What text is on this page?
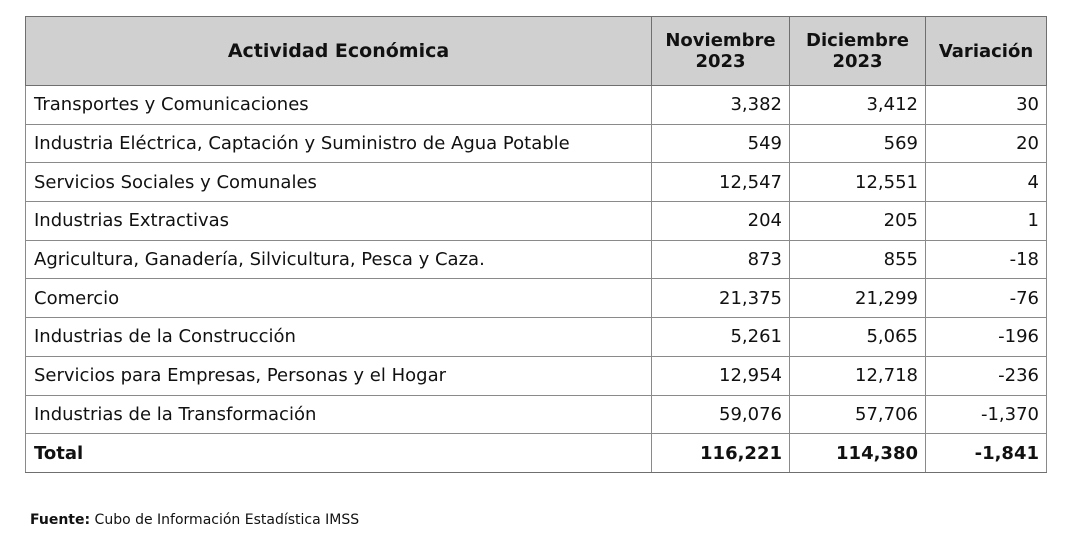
Actividad Económica	Noviembre 2023	Diciembre 2023	Variación
Transportes y Comunicaciones	3,382	3,412	30
Industria Eléctrica, Captación y Suministro de Agua Potable	549	569	20
Servicios Sociales y Comunales	12,547	12,551	4
Industrias Extractivas	204	205	1
Agricultura, Ganadería, Silvicultura, Pesca y Caza.	873	855	-18
Comercio	21,375	21,299	-76
Industrias de la Construcción	5,261	5,065	-196
Servicios para Empresas, Personas y el Hogar	12,954	12,718	-236
Industrias de la Transformación	59,076	57,706	-1,370
Total	116,221	114,380	-1,841
Fuente: Cubo de Información Estadística IMSS
